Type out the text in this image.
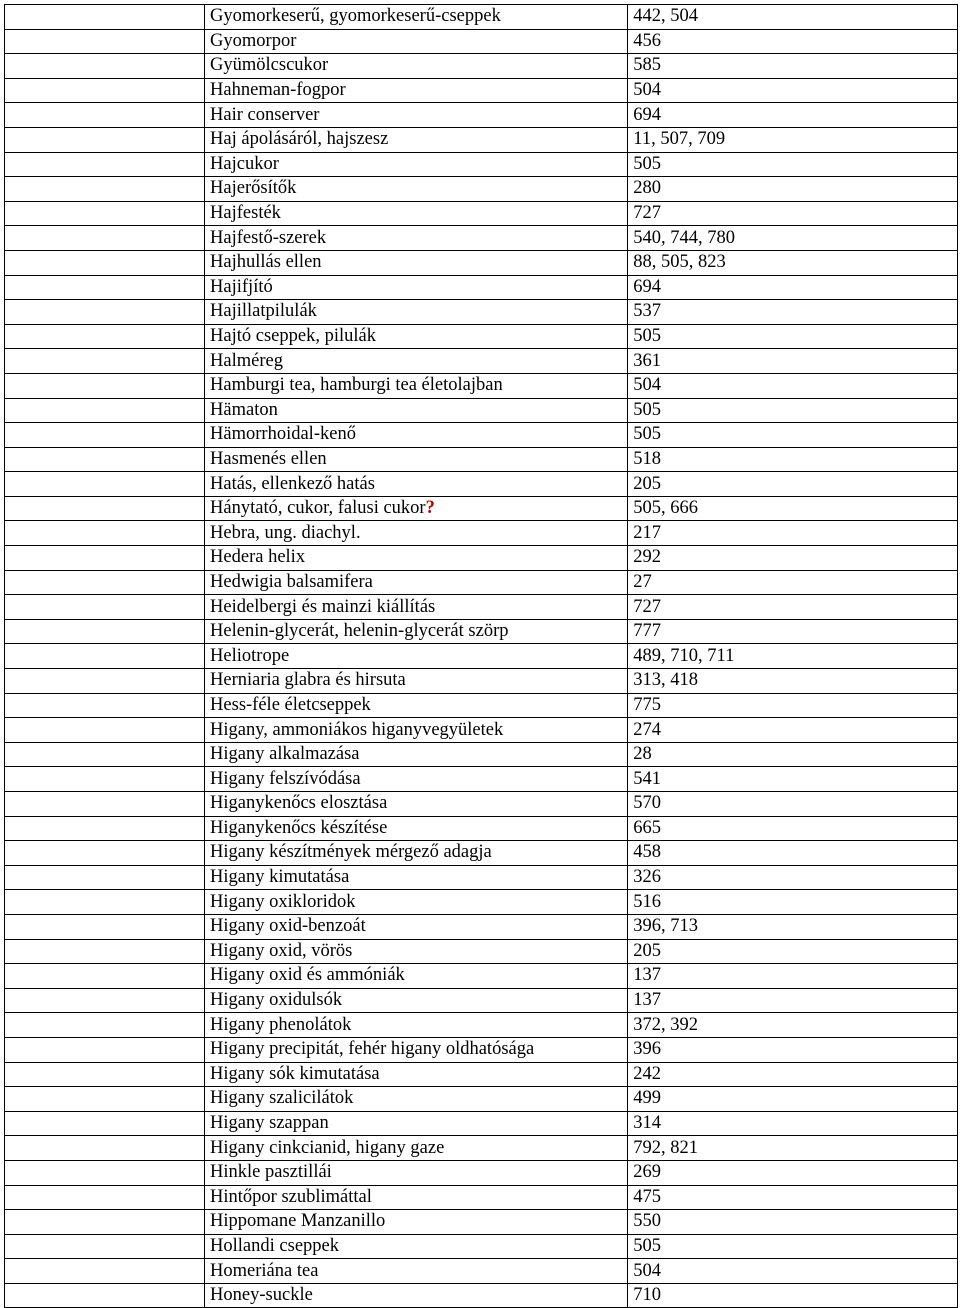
	Gyomorkeserű, gyomorkeserű-cseppek	442, 504
	Gyomorpor	456
	Gyümölcscukor	585
	Hahneman-fogpor	504
	Hair conserver	694
	Haj ápolásáról, hajszesz	11, 507, 709
	Hajcukor	505
	Hajerősítők	280
	Hajfesték	727
	Hajfestő-szerek	540, 744, 780
	Hajhullás ellen	88, 505, 823
	Hajifjító	694
	Hajillatpilulák	537
	Hajtó cseppek, pilulák	505
	Halméreg	361
	Hamburgi tea, hamburgi tea életolajban	504
	Hämaton	505
	Hämorrhoidal-kenő	505
	Hasmenés ellen	518
	Hatás, ellenkező hatás	205
	Hánytató, cukor, falusi cukor?	505, 666
	Hebra, ung. diachyl.	217
	Hedera helix	292
	Hedwigia balsamifera	27
	Heidelbergi és mainzi kiállítás	727
	Helenin-glycerát, helenin-glycerát szörp	777
	Heliotrope	489, 710, 711
	Herniaria glabra és hirsuta	313, 418
	Hess-féle életcseppek	775
	Higany, ammoniákos higanyvegyületek	274
	Higany alkalmazása	28
	Higany felszívódása	541
	Higanykenőcs elosztása	570
	Higanykenőcs készítése	665
	Higany készítmények mérgező adagja	458
	Higany kimutatása	326
	Higany oxikloridok	516
	Higany oxid-benzoát	396, 713
	Higany oxid, vörös	205
	Higany oxid és ammóniák	137
	Higany oxidulsók	137
	Higany phenolátok	372, 392
	Higany precipitát, fehér higany oldhatósága	396
	Higany sók kimutatása	242
	Higany szalicilátok	499
	Higany szappan	314
	Higany cinkcianid, higany gaze	792, 821
	Hinkle pasztillái	269
	Hintőpor szublimáttal	475
	Hippomane Manzanillo	550
	Hollandi cseppek	505
	Homeriána tea	504
	Honey-suckle	710
